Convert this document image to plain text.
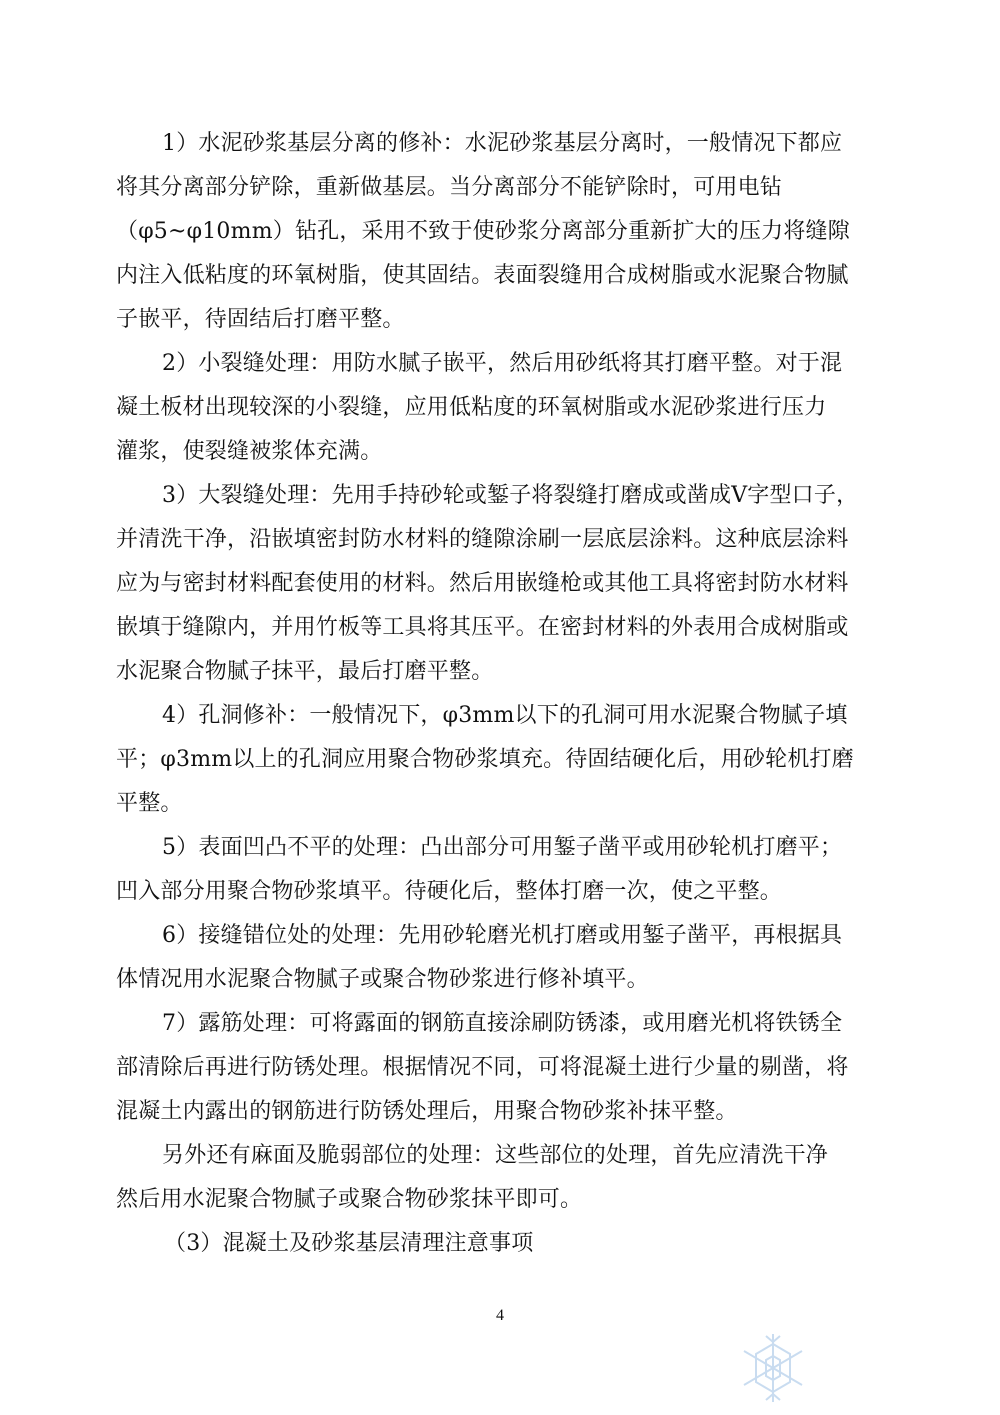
1）水泥砂浆基层分离的修补：水泥砂浆基层分离时，一般情况下都应
将其分离部分铲除，重新做基层。当分离部分不能铲除时，可用电钻
（φ5~φ10mm）钻孔，采用不致于使砂浆分离部分重新扩大的压力将缝隙
内注入低粘度的环氧树脂，使其固结。表面裂缝用合成树脂或水泥聚合物腻
子嵌平，待固结后打磨平整。
2）小裂缝处理：用防水腻子嵌平，然后用砂纸将其打磨平整。对于混
凝土板材出现较深的小裂缝，应用低粘度的环氧树脂或水泥砂浆进行压力
灌浆，使裂缝被浆体充满。
3）大裂缝处理：先用手持砂轮或錾子将裂缝打磨成或凿成V字型口子，
并清洗干净，沿嵌填密封防水材料的缝隙涂刷一层底层涂料。这种底层涂料
应为与密封材料配套使用的材料。然后用嵌缝枪或其他工具将密封防水材料
嵌填于缝隙内，并用竹板等工具将其压平。在密封材料的外表用合成树脂或
水泥聚合物腻子抹平，最后打磨平整。
4）孔洞修补：一般情况下，φ3mm以下的孔洞可用水泥聚合物腻子填
平；φ3mm以上的孔洞应用聚合物砂浆填充。待固结硬化后，用砂轮机打磨
平整。
5）表面凹凸不平的处理：凸出部分可用錾子凿平或用砂轮机打磨平；
凹入部分用聚合物砂浆填平。待硬化后，整体打磨一次，使之平整。
6）接缝错位处的处理：先用砂轮磨光机打磨或用錾子凿平，再根据具
体情况用水泥聚合物腻子或聚合物砂浆进行修补填平。
7）露筋处理：可将露面的钢筋直接涂刷防锈漆，或用磨光机将铁锈全
部清除后再进行防锈处理。根据情况不同，可将混凝土进行少量的剔凿，将
混凝土内露出的钢筋进行防锈处理后，用聚合物砂浆补抹平整。
另外还有麻面及脆弱部位的处理：这些部位的处理，首先应清洗干净
然后用水泥聚合物腻子或聚合物砂浆抹平即可。
（3）混凝土及砂浆基层清理注意事项
4
